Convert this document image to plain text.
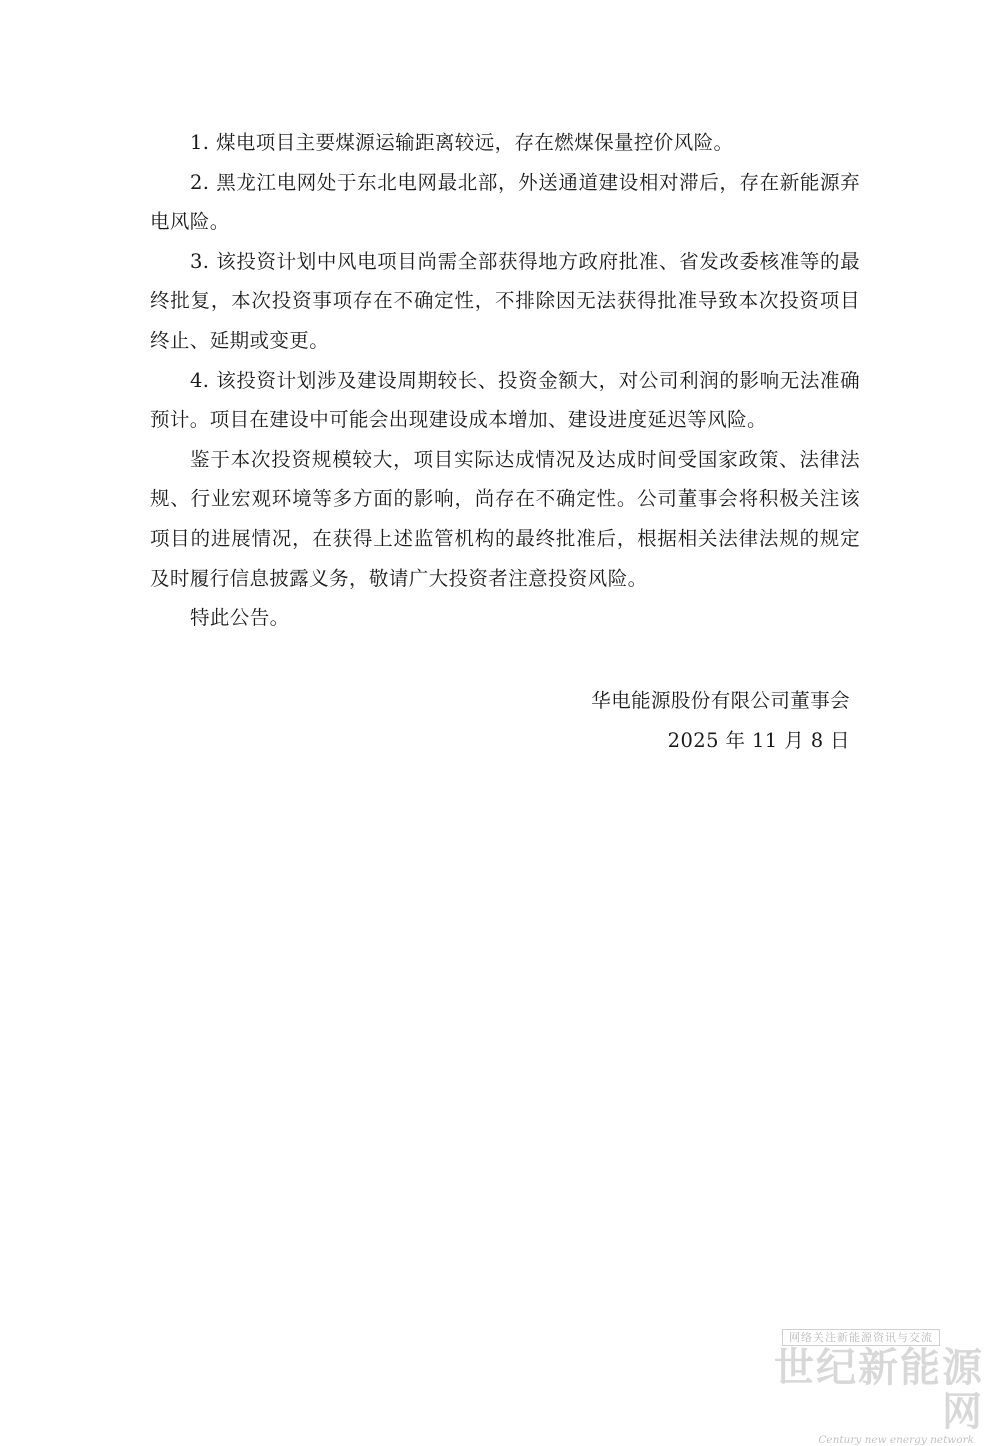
1. 煤电项目主要煤源运输距离较远，存在燃煤保量控价风险。

2. 黑龙江电网处于东北电网最北部，外送通道建设相对滞后，存在新能源弃电风险。

3. 该投资计划中风电项目尚需全部获得地方政府批准、省发改委核准等的最终批复，本次投资事项存在不确定性，不排除因无法获得批准导致本次投资项目终止、延期或变更。

4. 该投资计划涉及建设周期较长、投资金额大，对公司利润的影响无法准确预计。项目在建设中可能会出现建设成本增加、建设进度延迟等风险。

鉴于本次投资规模较大，项目实际达成情况及达成时间受国家政策、法律法规、行业宏观环境等多方面的影响，尚存在不确定性。公司董事会将积极关注该项目的进展情况，在获得上述监管机构的最终批准后，根据相关法律法规的规定及时履行信息披露义务，敬请广大投资者注意投资风险。

特此公告。

华电能源股份有限公司董事会
2025 年 11 月 8 日
网络关注新能源资讯与交流
世纪新能源网
Century new energy network
